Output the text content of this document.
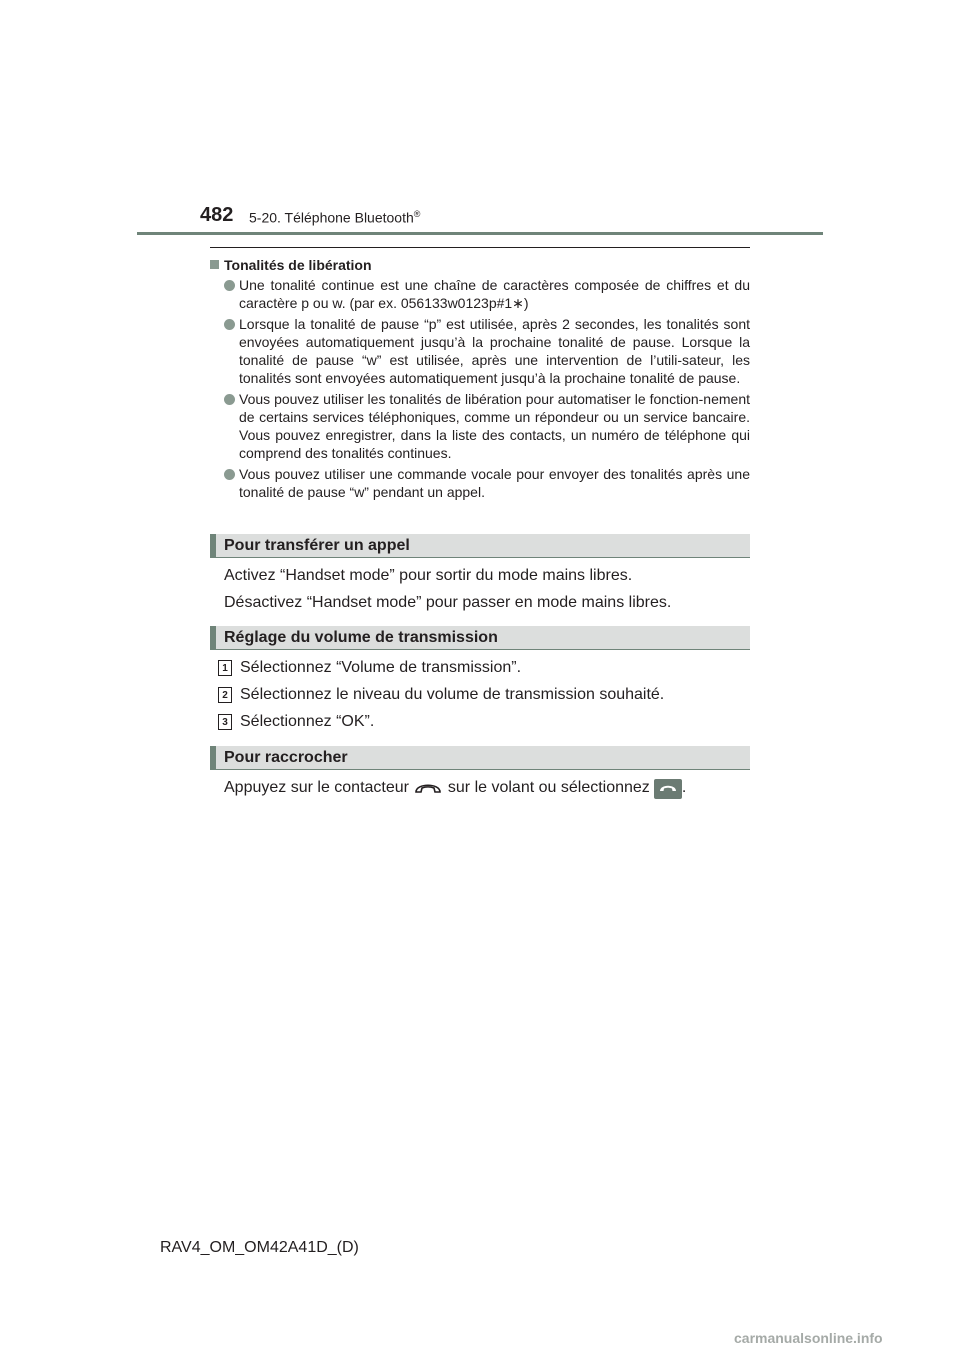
482 5-20. Téléphone Bluetooth®
Tonalités de libération
Une tonalité continue est une chaîne de caractères composée de chiffres et du caractère p ou w. (par ex. 056133w0123p#1∗)
Lorsque la tonalité de pause “p” est utilisée, après 2 secondes, les tonalités sont envoyées automatiquement jusqu’à la prochaine tonalité de pause. Lorsque la tonalité de pause “w” est utilisée, après une intervention de l’utili-sateur, les tonalités sont envoyées automatiquement jusqu’à la prochaine tonalité de pause.
Vous pouvez utiliser les tonalités de libération pour automatiser le fonction-nement de certains services téléphoniques, comme un répondeur ou un service bancaire. Vous pouvez enregistrer, dans la liste des contacts, un numéro de téléphone qui comprend des tonalités continues.
Vous pouvez utiliser une commande vocale pour envoyer des tonalités après une tonalité de pause “w” pendant un appel.
Pour transférer un appel
Activez “Handset mode” pour sortir du mode mains libres.
Désactivez “Handset mode” pour passer en mode mains libres.
Réglage du volume de transmission
1 Sélectionnez “Volume de transmission”.
2 Sélectionnez le niveau du volume de transmission souhaité.
3 Sélectionnez “OK”.
Pour raccrocher
Appuyez sur le contacteur sur le volant ou sélectionnez .
RAV4_OM_OM42A41D_(D)
carmanualsonline.info
